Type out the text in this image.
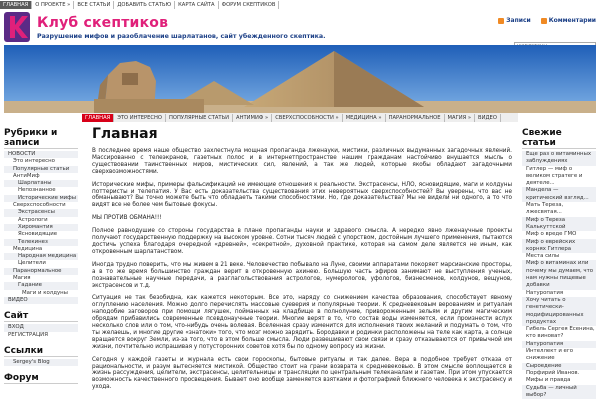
ГЛАВНАЯ	О ПРОЕКТЕ »	ВСЕ СТАТЬИ	ДОБАВИТЬ СТАТЬЮ	КАРТА САЙТА	ФОРУМ СКЕПТИКОВ
Клуб скептиков
Разрушение мифов и разоблачение шарлатанов, сайт убежденного скептика.
Записи	Комментарии
шарлатаны...
ГЛАВНАЯ	ЭТО ИНТЕРЕСНО	ПОПУЛЯРНЫЕ СТАТЬИ	АНТИМИФ »	СВЕРХСПОСОБНОСТИ »	МЕДИЦИНА »	ПАРАНОРМАЛЬНОЕ	МАГИЯ »	ВИДЕО
Рубрики и записи
НОВОСТИ
Это интересно
Популярные статьи
АнтиМиф
Шарлатаны
Непознанное
Исторические мифы
Сверхспособности
Экстрасенсы
Астрологи
Хиромантия
Ясновидящие
Телекинез
Медицина
Народная медицина
Целители
Паранормальное
Магия
Гадание
Маги и колдуны
ВИДЕО
Сайт
ВХОД
РЕГИСТРАЦИЯ
Ссылки
Sergey's Blog
Форум
Главная

В последнее время наше общество захлестнула мощная пропаганда лженауки, мистики, различных выдуманных загадочных явлений. Массированно с телеэкранов, газетных полос и в интернетпространстве нашим гражданам настойчиво внушается мысль о существовании таинственных миров, мистических сил, явлений, а так же людей, которые якобы обладают загадочными сверхвозможностями.

Исторические мифы, примеры фальсификаций не имеющие отношения к реальности. Экстрасенсы, НЛО, ясновидящие, маги и колдуны поттеристы и телепатия. У Вас есть доказательства существования этих невероятных сверхспособностей? Вы уверены, что вас не обманывают? Вы точно можете быть что обладаеть такими способностями. Но, где доказательства? Мы не видели ни одного, а то что видят все не более чем бытовые фокусы.

МЫ ПРОТИВ ОБМАНА!!!

Полное равнодушие со стороны государства в плане пропаганды науки и здравого смысла. А нередко явно лженаучные проекты получают государственную поддержку на высоком уровне. Сотни тысяч людей с упорством, достойным лучшего применения, пытаются достичь успеха благодаря очередной «древней», «секретной», духовной практике, которая на самом деле является не иным, как откровенным шарлатанством.

Иногда трудно поверить, что мы живем в 21 веке. Человечество побывало на Луне, своими аппаратами покоряет марсианские просторы, а в то же время большинство граждан верит в откровенную ахинею. Большую часть эфиров занимают не выступления ученых, познавательные научные передачи, а разглагольствования астрологов, нумерологов, уфологов, бизнесменов, колдунов, вещунов, экстрасенсов и т.д.

Ситуация не так безобидна, как кажется некоторым. Все это, наряду со снижением качества образования, способствует явному оглуплению населения. Можно долго перечислять массовые суеверия и популярные теории. К средневековым верованиям и ритуалам наподобие заговоров при помощи лягушек, пойманных на кладбище в полнолуние, привороженным зельям и другим магическим обрядам прибавились современные псевдонаучные теории. Многие верят в то, что состав воды изменяется, если произнести вслух несколько слов или о том, что-нибудь очень волевая. Вселенная сразу изменится для исполнения твоих желаний и подумать о том, что ты желаешь, и многие другие «знатоки» того, что мозг можно зарядить. Бородавки и родинки расположены на теле как карта, а солнце вращается вокруг Земли, из-за того, что в этом больше смысла. Люди развешивают свои связи и сразу отказываются от привычной им жизни, почтительно испрашивая у потусторонних советов хотя бы по одному вопросу из жизни.

Сегодня у каждой газеты и журнала есть свои гороскопы, бытовые ритуалы и так далее. Вера в подобное требует отказа от рациональности, и разум вытесняется мистикой. Общество стоит на грани возврата к средневековью. В этом смысле воплощается в жизнь рассуждения, целители, экстрасенсы, целительницы и трансляции по центральным телеканалам и газетам. При этом упускается возможность качественного просвещения. Бывает оно вообще заменяется взятками и фотографией ближнего человека к экстрасенсу и ухода.

Свежие статьи
Еще раз о витаминных заблуждениях
Гитлер — миф о великом стратеге и деятеле...
Мандела — критический взгляд...
Мать Тереза, лжесвятая...
Миф о Тереза Калькуттской
Миф о вреде ГМО
Миф о еврейских корнях Гитлера
Места силы
Миф о витаминах или почему мы думаем, что нам нужны пищевые добавки
Натуропатия
Хочу читать о генетически-модифицированных продуктах
Гибель Сергея Есенина, кто виноват?
Натуропатия
Интеллект и его снижение
Сыроедение
Порфирий Иванов. Мифы и правда
Судьба — личный выбор?
